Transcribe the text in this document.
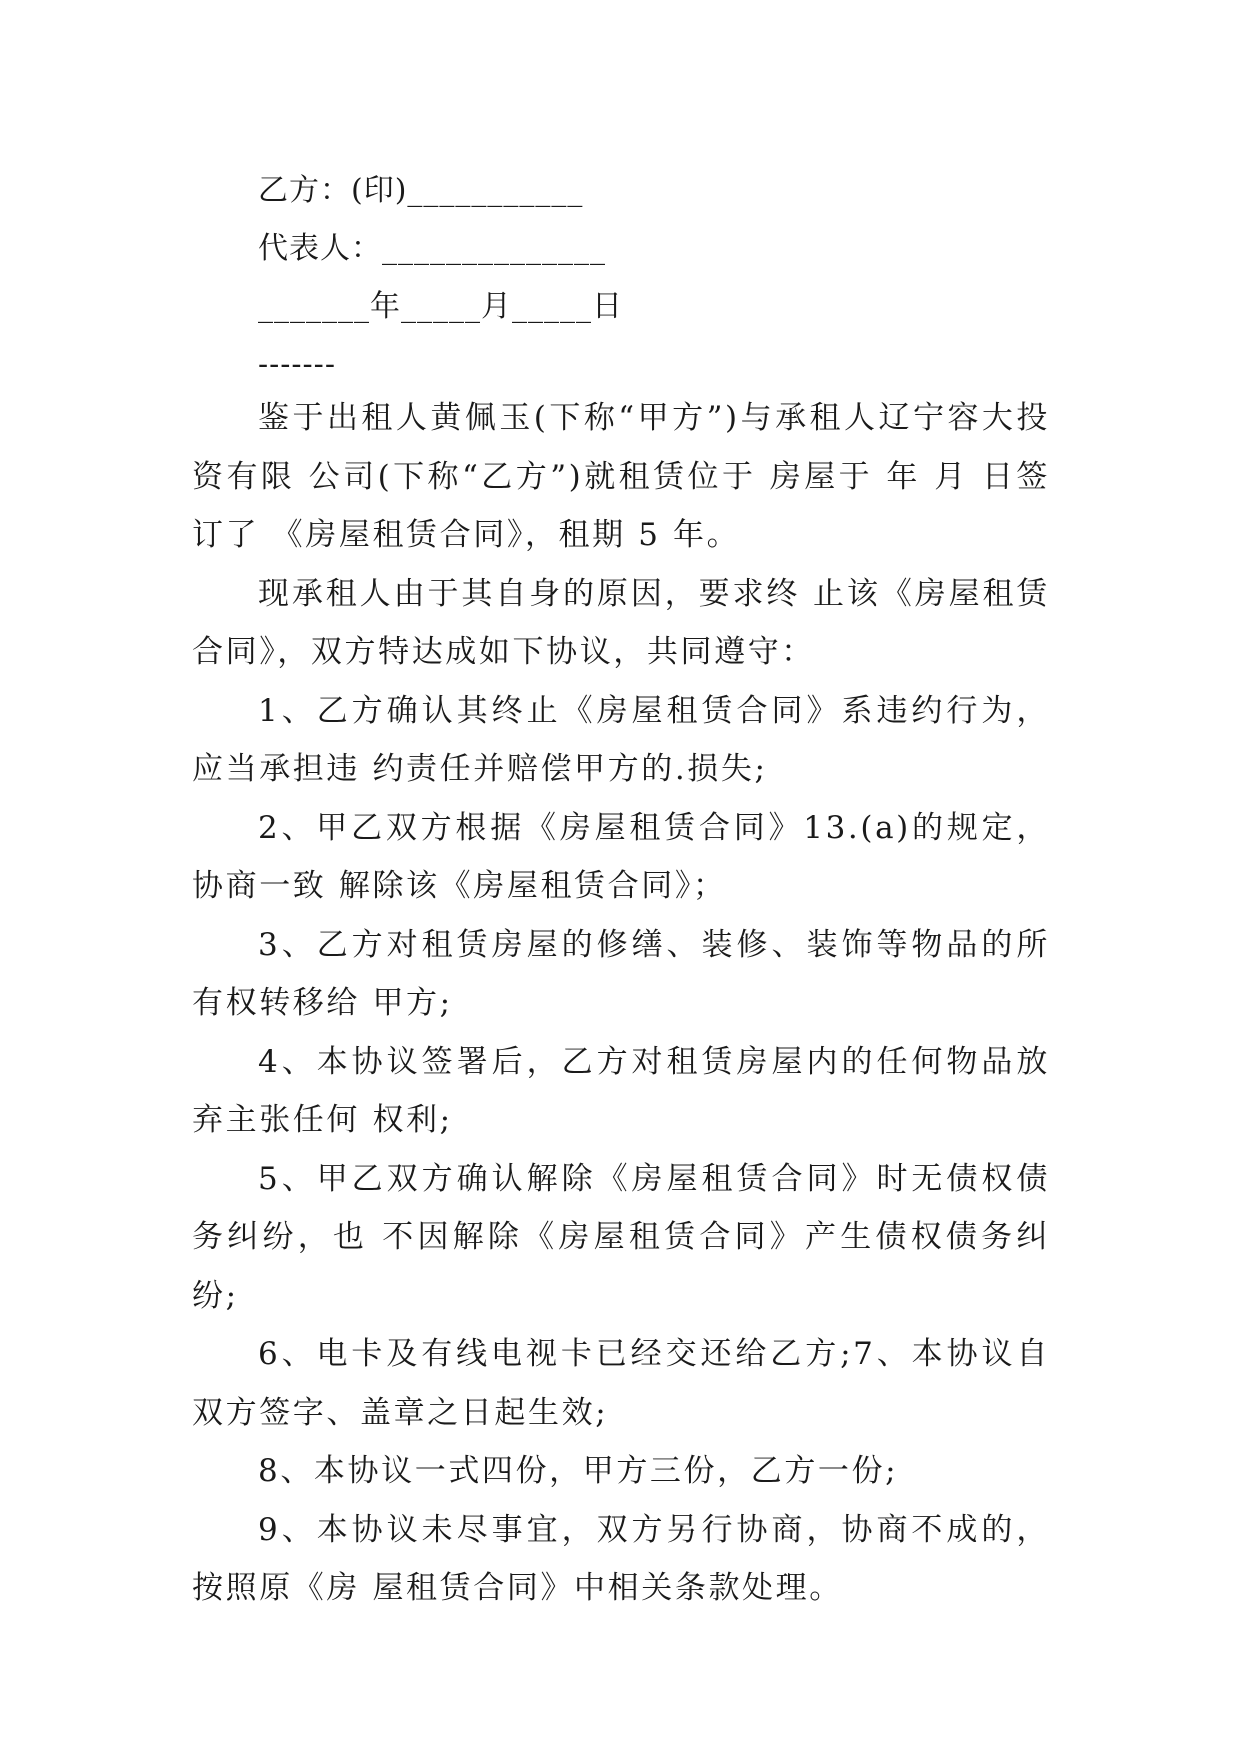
乙方：(印)___________
代表人：______________
_______年_____月_____日
-------

鉴于出租人黄佩玉(下称“甲方”)与承租人辽宁容大投资有限 公司(下称“乙方”)就租赁位于 房屋于 年 月 日签订了 《房屋租赁合同》，租期 5 年。

现承租人由于其自身的原因，要求终 止该《房屋租赁合同》，双方特达成如下协议，共同遵守：

1、乙方确认其终止《房屋租赁合同》系违约行为，应当承担违 约责任并赔偿甲方的.损失;

2、甲乙双方根据《房屋租赁合同》13.(a)的规定，协商一致 解除该《房屋租赁合同》；

3、乙方对租赁房屋的修缮、装修、装饰等物品的所有权转移给 甲方;

4、本协议签署后，乙方对租赁房屋内的任何物品放弃主张任何 权利;

5、甲乙双方确认解除《房屋租赁合同》时无债权债务纠纷，也 不因解除《房屋租赁合同》产生债权债务纠纷;

6、电卡及有线电视卡已经交还给乙方;7、本协议自双方签字、盖章之日起生效;

8、本协议一式四份，甲方三份，乙方一份;

9、本协议未尽事宜，双方另行协商，协商不成的，按照原《房 屋租赁合同》中相关条款处理。
